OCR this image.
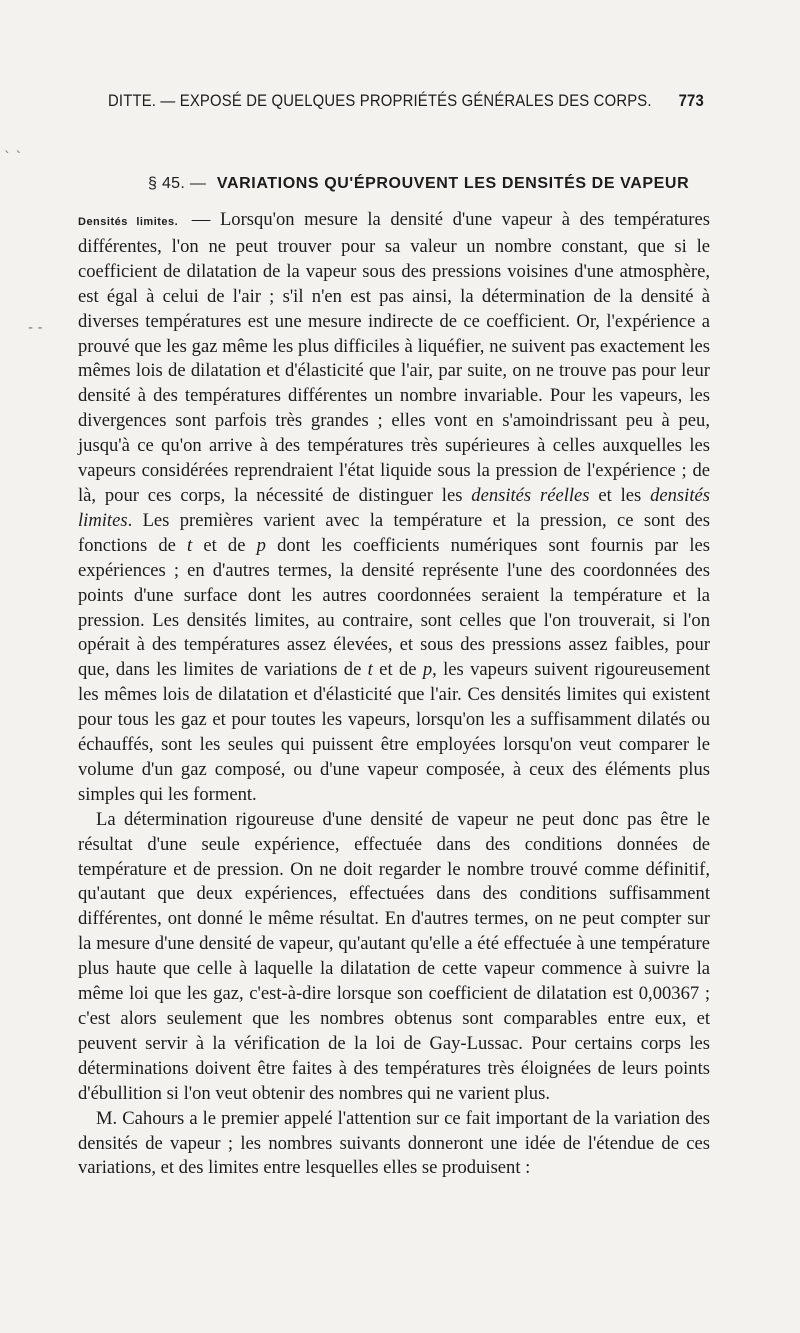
` `
- -
DITTE. — EXPOSÉ DE QUELQUES PROPRIÉTÉS GÉNÉRALES DES CORPS. 773
§ 45. — VARIATIONS QU'ÉPROUVENT LES DENSITÉS DE VAPEUR

Densités limites. — Lorsqu'on mesure la densité d'une vapeur à des températures différentes, l'on ne peut trouver pour sa valeur un nombre constant, que si le coefficient de dilatation de la vapeur sous des pressions voisines d'une atmosphère, est égal à celui de l'air ; s'il n'en est pas ainsi, la détermination de la densité à diverses températures est une mesure indirecte de ce coefficient. Or, l'expérience a prouvé que les gaz même les plus difficiles à liquéfier, ne suivent pas exactement les mêmes lois de dilatation et d'élasticité que l'air, par suite, on ne trouve pas pour leur densité à des températures différentes un nombre invariable. Pour les vapeurs, les divergences sont parfois très grandes ; elles vont en s'amoindrissant peu à peu, jusqu'à ce qu'on arrive à des températures très supérieures à celles auxquelles les vapeurs considérées reprendraient l'état liquide sous la pression de l'expérience ; de là, pour ces corps, la nécessité de distinguer les densités réelles et les densités limites. Les premières varient avec la température et la pression, ce sont des fonctions de t et de p dont les coefficients numériques sont fournis par les expériences ; en d'autres termes, la densité représente l'une des coordonnées des points d'une surface dont les autres coordonnées seraient la température et la pression. Les densités limites, au contraire, sont celles que l'on trouverait, si l'on opérait à des températures assez élevées, et sous des pressions assez faibles, pour que, dans les limites de variations de t et de p, les vapeurs suivent rigoureusement les mêmes lois de dilatation et d'élasticité que l'air. Ces densités limites qui existent pour tous les gaz et pour toutes les vapeurs, lorsqu'on les a suffisamment dilatés ou échauffés, sont les seules qui puissent être employées lorsqu'on veut comparer le volume d'un gaz composé, ou d'une vapeur composée, à ceux des éléments plus simples qui les forment.

La détermination rigoureuse d'une densité de vapeur ne peut donc pas être le résultat d'une seule expérience, effectuée dans des conditions données de température et de pression. On ne doit regarder le nombre trouvé comme définitif, qu'autant que deux expériences, effectuées dans des conditions suffisamment différentes, ont donné le même résultat. En d'autres termes, on ne peut compter sur la mesure d'une densité de vapeur, qu'autant qu'elle a été effectuée à une température plus haute que celle à laquelle la dilatation de cette vapeur commence à suivre la même loi que les gaz, c'est-à-dire lorsque son coefficient de dilatation est 0,00367 ; c'est alors seulement que les nombres obtenus sont comparables entre eux, et peuvent servir à la vérification de la loi de Gay-Lussac. Pour certains corps les déterminations doivent être faites à des températures très éloignées de leurs points d'ébullition si l'on veut obtenir des nombres qui ne varient plus.

M. Cahours a le premier appelé l'attention sur ce fait important de la variation des densités de vapeur ; les nombres suivants donneront une idée de l'étendue de ces variations, et des limites entre lesquelles elles se produisent :
